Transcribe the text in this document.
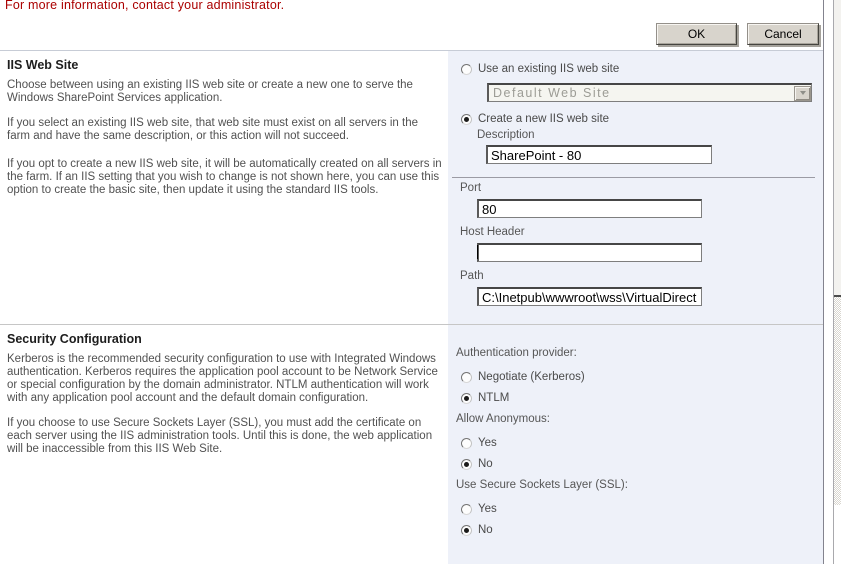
For more information, contact your administrator.
OK	Cancel
IIS Web Site

Choose between using an existing IIS web site or create a new one to serve the Windows SharePoint Services application.

If you select an existing IIS web site, that web site must exist on all servers in the farm and have the same description, or this action will not succeed.

If you opt to create a new IIS web site, it will be automatically created on all servers in the farm. If an IIS setting that you wish to change is not shown here, you can use this option to create the basic site, then update it using the standard IIS tools.

Use an existing IIS web site
Default Web Site
Create a new IIS web site
Description
SharePoint - 80
Port
80
Host Header
Path
C:\Inetpub\wwwroot\wss\VirtualDirect
Security Configuration

Kerberos is the recommended security configuration to use with Integrated Windows authentication. Kerberos requires the application pool account to be Network Service or special configuration by the domain administrator. NTLM authentication will work with any application pool account and the default domain configuration.

If you choose to use Secure Sockets Layer (SSL), you must add the certificate on each server using the IIS administration tools. Until this is done, the web application will be inaccessible from this IIS Web Site.

Authentication provider:
Negotiate (Kerberos)
NTLM
Allow Anonymous:
Yes
No
Use Secure Sockets Layer (SSL):
Yes
No
